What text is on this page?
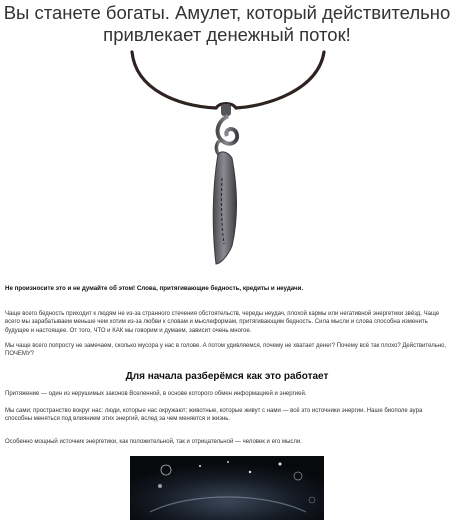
Вы станете богаты. Амулет, который действительно привлекает денежный поток!
Не произносите это и не думайте об этом! Слова, притягивающие бедность, кредиты и неудачи.
Чаще всего бедность приходит к людям не из-за странного стечения обстоятельств, череды неудач, плохой кармы или негативной энергетики звёзд. Чаще всего мы зарабатываем меньше чем хотим из-за любви к словам и мыслеформам, притягивающим бедность. Сила мысли и слова способна изменить будущее и настоящее. От того, ЧТО и КАК мы говорим и думаем, зависит очень многое.
Мы чаще всего попросту не замечаем, сколько мусора у нас в голове. А потом удивляемся, почему не хватает денег? Почему всё так плохо? Действительно, ПОЧЕМУ?
Для начала разберёмся как это работает
Притяжение — один из нерушимых законов Вселенной, в основе которого обмен информацией и энергией.
Мы сами; пространство вокруг нас: люди, которые нас окружают; животные, которые живут с нами — всё это источники энергии. Наше биополе аура способны меняться под влиянием этих энергий, вслед за чем меняется и жизнь.
Особенно мощный источник энергетики, как положительной, так и отрицательной — человек и его мысли.
